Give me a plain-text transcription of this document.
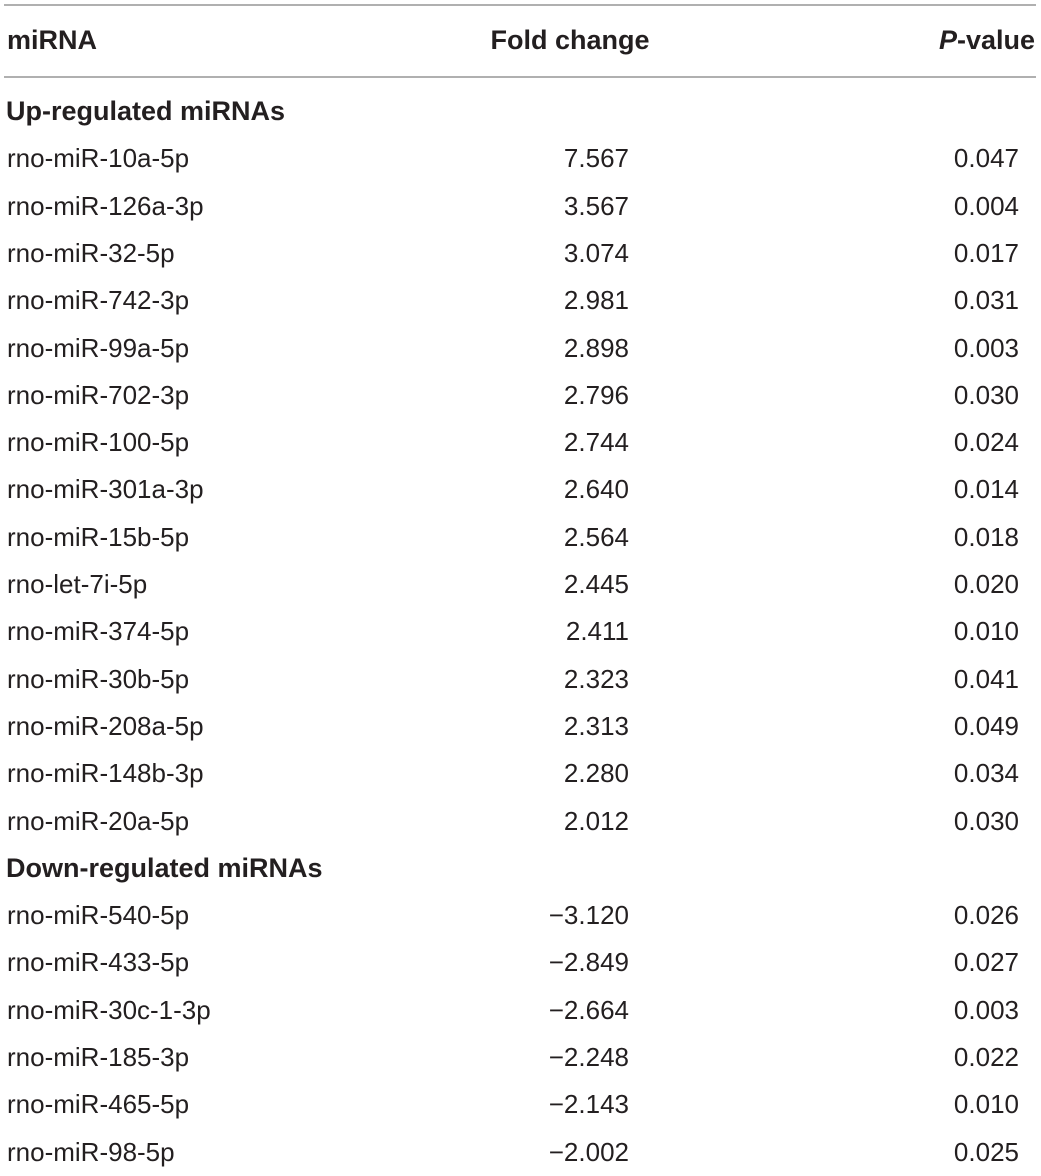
miRNA	Fold change	P-value
Up-regulated miRNAs
rno-miR-10a-5p	7.567	0.047
rno-miR-126a-3p	3.567	0.004
rno-miR-32-5p	3.074	0.017
rno-miR-742-3p	2.981	0.031
rno-miR-99a-5p	2.898	0.003
rno-miR-702-3p	2.796	0.030
rno-miR-100-5p	2.744	0.024
rno-miR-301a-3p	2.640	0.014
rno-miR-15b-5p	2.564	0.018
rno-let-7i-5p	2.445	0.020
rno-miR-374-5p	2.411	0.010
rno-miR-30b-5p	2.323	0.041
rno-miR-208a-5p	2.313	0.049
rno-miR-148b-3p	2.280	0.034
rno-miR-20a-5p	2.012	0.030
Down-regulated miRNAs
rno-miR-540-5p	−3.120	0.026
rno-miR-433-5p	−2.849	0.027
rno-miR-30c-1-3p	−2.664	0.003
rno-miR-185-3p	−2.248	0.022
rno-miR-465-5p	−2.143	0.010
rno-miR-98-5p	−2.002	0.025
